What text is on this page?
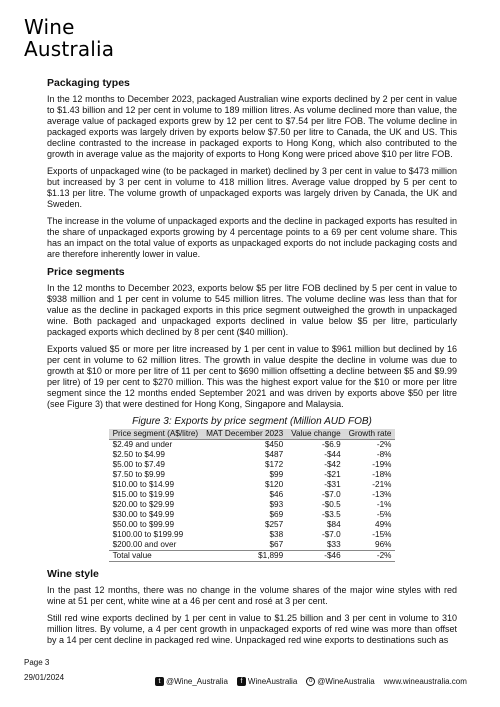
Wine
Australia
Packaging types

In the 12 months to December 2023, packaged Australian wine exports declined by 2 per cent in value to $1.43 billion and 12 per cent in volume to 189 million litres. As volume declined more than value, the average value of packaged exports grew by 12 per cent to $7.54 per litre FOB. The volume decline in packaged exports was largely driven by exports below $7.50 per litre to Canada, the UK and US. This decline contrasted to the increase in packaged exports to Hong Kong, which also contributed to the growth in average value as the majority of exports to Hong Kong were priced above $10 per litre FOB.

Exports of unpackaged wine (to be packaged in market) declined by 3 per cent in value to $473 million but increased by 3 per cent in volume to 418 million litres. Average value dropped by 5 per cent to $1.13 per litre. The volume growth of unpackaged exports was largely driven by Canada, the UK and Sweden.

The increase in the volume of unpackaged exports and the decline in packaged exports has resulted in the share of unpackaged exports growing by 4 percentage points to a 69 per cent volume share. This has an impact on the total value of exports as unpackaged exports do not include packaging costs and are therefore inherently lower in value.

Price segments

In the 12 months to December 2023, exports below $5 per litre FOB declined by 5 per cent in value to $938 million and 1 per cent in volume to 545 million litres. The volume decline was less than that for value as the decline in packaged exports in this price segment outweighed the growth in unpackaged wine. Both packaged and unpackaged exports declined in value below $5 per litre, particularly packaged exports which declined by 8 per cent ($40 million).

Exports valued $5 or more per litre increased by 1 per cent in value to $961 million but declined by 16 per cent in volume to 62 million litres. The growth in value despite the decline in volume was due to growth at $10 or more per litre of 11 per cent to $690 million offsetting a decline between $5 and $9.99 per litre) of 19 per cent to $270 million. This was the highest export value for the $10 or more per litre segment since the 12 months ended September 2021 and was driven by exports above $50 per litre (see Figure 3) that were destined for Hong Kong, Singapore and Malaysia.

Figure 3: Exports by price segment (Million AUD FOB)
Price segment (A$/litre)	MAT December 2023	Value change	Growth rate
$2.49 and under	$450	-$6.9	-2%
$2.50 to $4.99	$487	-$44	-8%
$5.00 to $7.49	$172	-$42	-19%
$7.50 to $9.99	$99	-$21	-18%
$10.00 to $14.99	$120	-$31	-21%
$15.00 to $19.99	$46	-$7.0	-13%
$20.00 to $29.99	$93	-$0.5	-1%
$30.00 to $49.99	$69	-$3.5	-5%
$50.00 to $99.99	$257	$84	49%
$100.00 to $199.99	$38	-$7.0	-15%
$200.00 and over	$67	$33	96%
Total value	$1,899	-$46	-2%
Wine style

In the past 12 months, there was no change in the volume shares of the major wine styles with red wine at 51 per cent, white wine at a 46 per cent and rosé at 3 per cent.

Still red wine exports declined by 1 per cent in value to $1.25 billion and 3 per cent in volume to 310 million litres. By volume, a 4 per cent growth in unpackaged exports of red wine was more than offset by a 14 per cent decline in packaged red wine. Unpackaged red wine exports to destinations such as

Page 3
29/01/2024	t @Wine_Australia	f WineAustralia	o @WineAustralia www.wineaustralia.com
